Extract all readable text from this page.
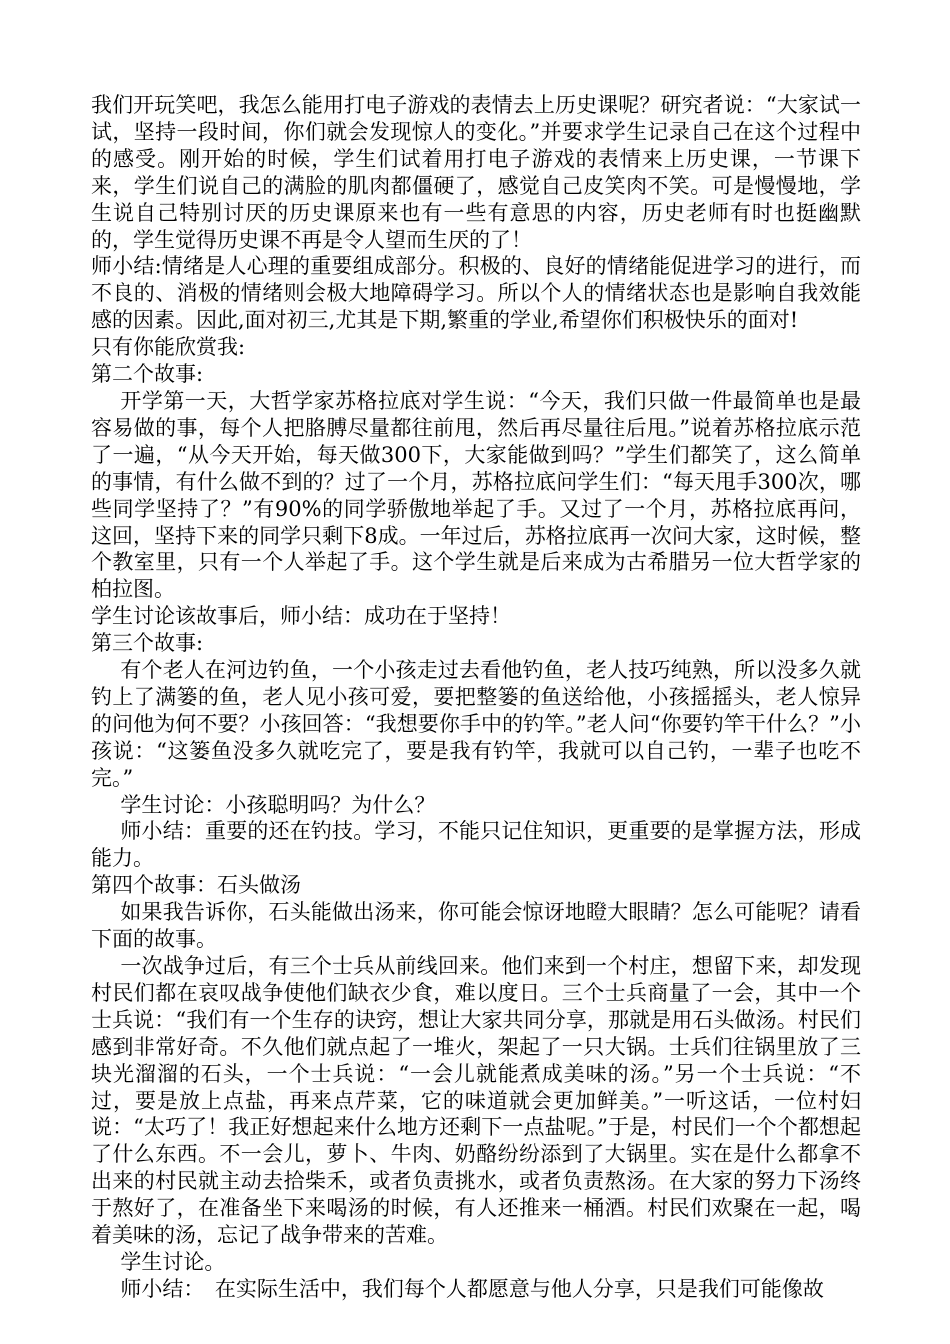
我们开玩笑吧，我怎么能用打电子游戏的表情去上历史课呢？研究者说：“大家试一试，坚持一段时间，你们就会发现惊人的变化。”并要求学生记录自己在这个过程中的感受。刚开始的时候，学生们试着用打电子游戏的表情来上历史课，一节课下来，学生们说自己的满脸的肌肉都僵硬了，感觉自己皮笑肉不笑。可是慢慢地，学生说自己特别讨厌的历史课原来也有一些有意思的内容，历史老师有时也挺幽默的，学生觉得历史课不再是令人望而生厌的了！

师小结:情绪是人心理的重要组成部分。积极的、良好的情绪能促进学习的进行，而不良的、消极的情绪则会极大地障碍学习。所以个人的情绪状态也是影响自我效能感的因素。因此,面对初三,尤其是下期,繁重的学业,希望你们积极快乐的面对!

只有你能欣赏我:

第二个故事:

开学第一天，大哲学家苏格拉底对学生说：“今天，我们只做一件最简单也是最容易做的事，每个人把胳膊尽量都往前甩，然后再尽量往后甩。”说着苏格拉底示范了一遍，“从今天开始，每天做300下，大家能做到吗？”学生们都笑了，这么简单的事情，有什么做不到的？过了一个月，苏格拉底问学生们：“每天甩手300次，哪些同学坚持了？”有90%的同学骄傲地举起了手。又过了一个月，苏格拉底再问，这回，坚持下来的同学只剩下8成。一年过后，苏格拉底再一次问大家，这时候，整个教室里，只有一个人举起了手。这个学生就是后来成为古希腊另一位大哲学家的柏拉图。

学生讨论该故事后，师小结：成功在于坚持！

第三个故事:

有个老人在河边钓鱼，一个小孩走过去看他钓鱼，老人技巧纯熟，所以没多久就钓上了满篓的鱼，老人见小孩可爱，要把整篓的鱼送给他，小孩摇摇头，老人惊异的问他为何不要？小孩回答：“我想要你手中的钓竿。”老人问“你要钓竿干什么？”小孩说：“这篓鱼没多久就吃完了，要是我有钓竿，我就可以自己钓，一辈子也吃不完。”

学生讨论：小孩聪明吗？为什么？

师小结：重要的还在钓技。学习，不能只记住知识，更重要的是掌握方法，形成能力。

第四个故事：石头做汤

如果我告诉你，石头能做出汤来，你可能会惊讶地瞪大眼睛？怎么可能呢？请看下面的故事。

一次战争过后，有三个士兵从前线回来。他们来到一个村庄，想留下来，却发现村民们都在哀叹战争使他们缺衣少食，难以度日。三个士兵商量了一会，其中一个士兵说：“我们有一个生存的诀窍，想让大家共同分享，那就是用石头做汤。村民们感到非常好奇。不久他们就点起了一堆火，架起了一只大锅。士兵们往锅里放了三块光溜溜的石头，一个士兵说：“一会儿就能煮成美味的汤。”另一个士兵说：“不过，要是放上点盐，再来点芹菜，它的味道就会更加鲜美。”一听这话，一位村妇说：“太巧了！我正好想起来什么地方还剩下一点盐呢。”于是，村民们一个个都想起了什么东西。不一会儿，萝卜、牛肉、奶酪纷纷添到了大锅里。实在是什么都拿不出来的村民就主动去拾柴禾，或者负责挑水，或者负责熬汤。在大家的努力下汤终于熬好了，在准备坐下来喝汤的时候，有人还推来一桶酒。村民们欢聚在一起，喝着美味的汤，忘记了战争带来的苦难。

学生讨论。

师小结：　在实际生活中，我们每个人都愿意与他人分享，只是我们可能像故
